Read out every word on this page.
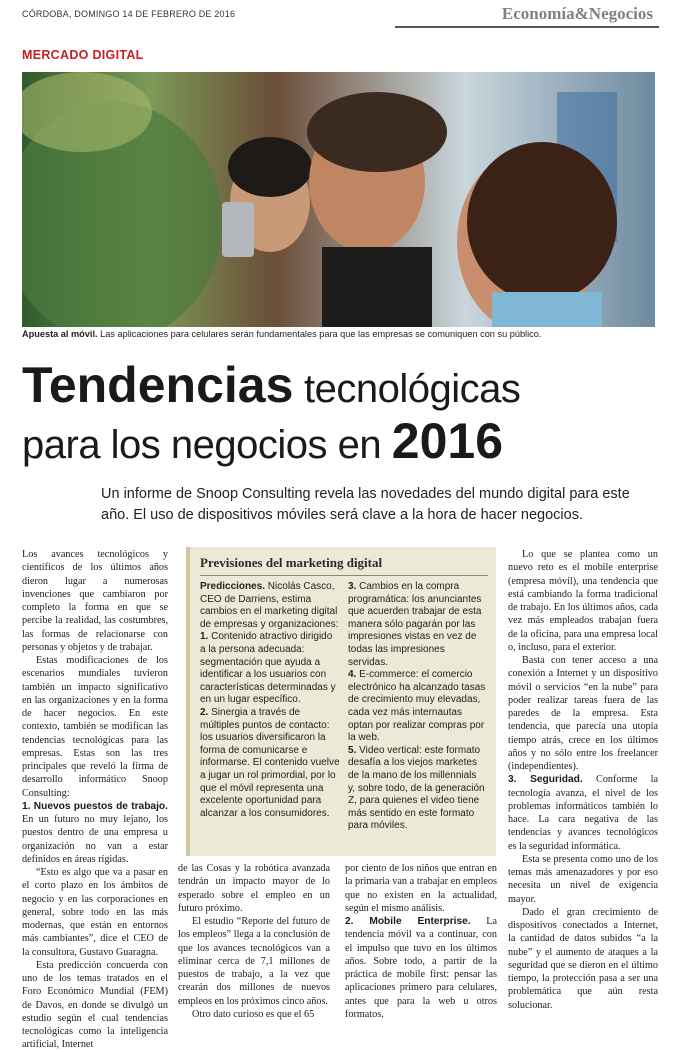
CÓRDOBA, DOMINGO 14 DE FEBRERO DE 2016	Economía&Negocios
MERCADO DIGITAL
Apuesta al móvil. Las aplicaciones para celulares serán fundamentales para que las empresas se comuniquen con su público.
Tendencias tecnológicas
para los negocios en 2016
Un informe de Snoop Consulting revela las novedades del mundo digital para este año. El uso de dispositivos móviles será clave a la hora de hacer negocios.

Los avances tecnológicos y científicos de los últimos años dieron lugar a numerosas invenciones que cambiaron por completo la forma en que se percibe la realidad, las costumbres, las formas de relacionarse con personas y objetos y de trabajar.

Estas modificaciones de los escenarios mundiales tuvieron también un impacto significativo en las organizaciones y en la forma de hacer negocios. En este contexto, también se modifican las tendencias tecnológicas para las empresas. Estas son las tres principales que reveló la firma de desarrollo informático Snoop Consulting:

1. Nuevos puestos de trabajo. En un futuro no muy lejano, los puestos dentro de una empresa u organización no van a estar definidos en áreas rígidas.

“Esto es algo que va a pasar en el corto plazo en los ámbitos de negocio y en las corporaciones en general, sobre todo en las más modernas, que están en entornos más cambiantes”, dice el CEO de la consultora, Gustavo Guaragna.

Esta predicción concuerda con uno de los temas tratados en el Foro Económico Mundial (FEM) de Davos, en donde se divulgó un estudio según el cual tendencias tecnológicas como la inteligencia artificial, Internet

Previsiones del marketing digital
Predicciones. Nicolás Casco, CEO de Darriens, estima cambios en el marketing digital de empresas y organizaciones:
1. Contenido atractivo dirigido a la persona adecuada: segmentación que ayuda a identificar a los usuarios con características determinadas y en un lugar específico.
2. Sinergia a través de múltiples puntos de contacto: los usuarios diversificaron la forma de comunicarse e informarse. El contenido vuelve a jugar un rol primordial, por lo que el móvil representa una excelente oportunidad para alcanzar a los consumidores.
3. Cambios en la compra programática: los anunciantes que acuerden trabajar de esta manera sólo pagarán por las impresiones vistas en vez de todas las impresiones servidas.
4. E-commerce: el comercio electrónico ha alcanzado tasas de crecimiento muy elevadas, cada vez más internautas optan por realizar compras por la web.
5. Video vertical: este formato desafía a los viejos marketes de la mano de los millennials y, sobre todo, de la generación Z, para quienes el video tiene más sentido en este formato para móviles.

de las Cosas y la robótica avanzada tendrán un impacto mayor de lo esperado sobre el empleo en un futuro próximo.

El estudio “Reporte del futuro de los empleos” llega a la conclusión de que los avances tecnológicos van a eliminar cerca de 7,1 millones de puestos de trabajo, a la vez que crearán dos millones de nuevos empleos en los próximos cinco años.

Otro dato curioso es que el 65

por ciento de los niños que entran en la primaria van a trabajar en empleos que no existen en la actualidad, según el mismo análisis.

2. Mobile Enterprise. La tendencia móvil va a continuar, con el impulso que tuvo en los últimos años. Sobre todo, a partir de la práctica de mobile first: pensar las aplicaciones primero para celulares, antes que para la web u otros formatos.

Lo que se plantea como un nuevo reto es el mobile enterprise (empresa móvil), una tendencia que está cambiando la forma tradicional de trabajo. En los últimos años, cada vez más empleados trabajan fuera de la oficina, para una empresa local o, incluso, para el exterior.

Basta con tener acceso a una conexión a Internet y un dispositivo móvil o servicios “en la nube” para poder realizar tareas fuera de las paredes de la empresa. Esta tendencia, que parecía una utopía tiempo atrás, crece en los últimos años y no sólo entre los freelancer (independientes).

3. Seguridad. Conforme la tecnología avanza, el nivel de los problemas informáticos también lo hace. La cara negativa de las tendencias y avances tecnológicos es la seguridad informática.

Esta se presenta como uno de los temas más amenazadores y por eso necesita un nivel de exigencia mayor.

Dado el gran crecimiento de dispositivos conectados a Internet, la cantidad de datos subidos “a la nube” y el aumento de ataques a la seguridad que se dieron en el último tiempo, la protección pasa a ser una problemática que aún resta solucionar.
